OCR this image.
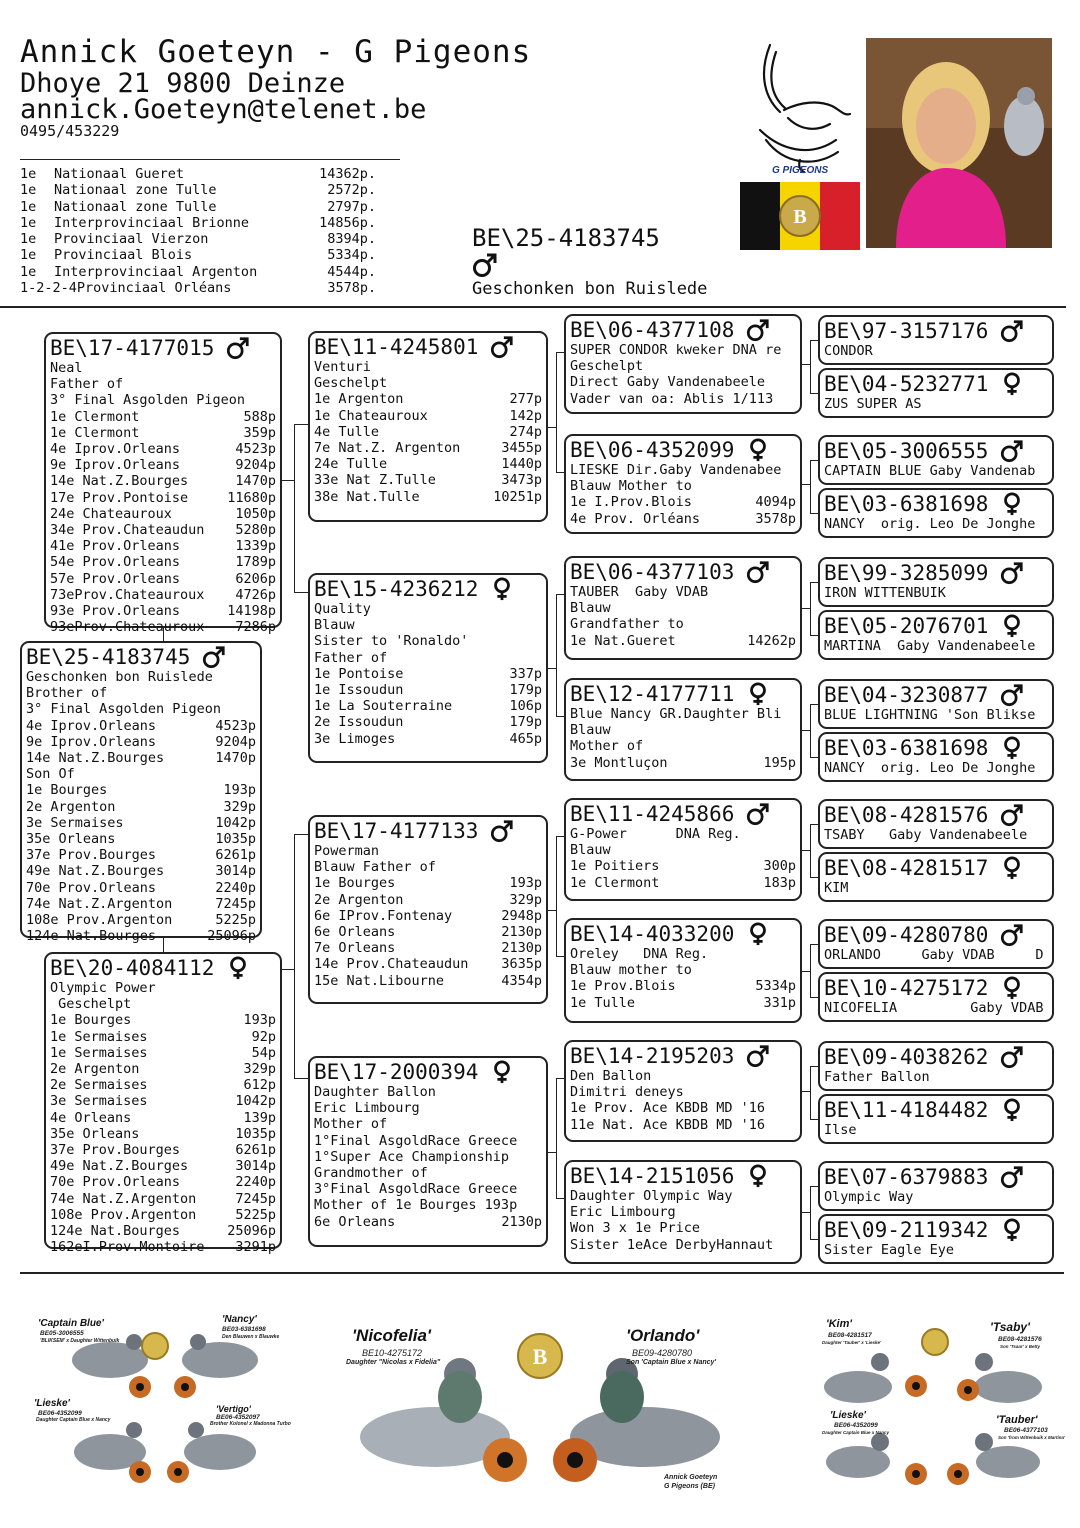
Annick Goeteyn - G Pigeons
Dhoye 21 9800 Deinze
annick.Goeteyn@telenet.be
0495/453229
1e	Nationaal Gueret	14362p.
1e	Nationaal zone Tulle	2572p.
1e	Nationaal zone Tulle	2797p.
1e	Interprovinciaal Brionne	14856p.
1e	Provinciaal Vierzon	8394p.
1e	Provinciaal Blois	5334p.
1e	Interprovinciaal Argenton	4544p.
1-2-2-4 Provinciaal Orléans	3578p.
BE\25-4183745
Geschonken bon Ruislede
G PIGEONS
B
BE\17-4177015
Neal
Father of
3° Final Asgolden Pigeon
1e Clermont	588p
1e Clermont	359p
4e Iprov.Orleans	4523p
9e Iprov.Orleans	9204p
14e Nat.Z.Bourges	1470p
17e Prov.Pontoise	11680p
24e Chateauroux	1050p
34e Prov.Chateaudun	5280p
41e Prov.Orleans	1339p
54e Prov.Orleans	1789p
57e Prov.Orleans	6206p
73eProv.Chateauroux	4726p
93e Prov.Orleans	14198p
93eProv.Chateauroux	7286p
BE\25-4183745
Geschonken bon Ruislede
Brother of
3° Final Asgolden Pigeon
4e Iprov.Orleans	4523p
9e Iprov.Orleans	9204p
14e Nat.Z.Bourges	1470p
Son Of
1e Bourges	193p
2e Argenton	329p
3e Sermaises	1042p
35e Orleans	1035p
37e Prov.Bourges	6261p
49e Nat.Z.Bourges	3014p
70e Prov.Orleans	2240p
74e Nat.Z.Argenton	7245p
108e Prov.Argenton	5225p
124e Nat.Bourges	25096p
BE\20-4084112
Olympic Power
Geschelpt
1e Bourges	193p
1e Sermaises	92p
1e Sermaises	54p
2e Argenton	329p
2e Sermaises	612p
3e Sermaises	1042p
4e Orleans	139p
35e Orleans	1035p
37e Prov.Bourges	6261p
49e Nat.Z.Bourges	3014p
70e Prov.Orleans	2240p
74e Nat.Z.Argenton	7245p
108e Prov.Argenton	5225p
124e Nat.Bourges	25096p
162eI.Prov.Montoire	3291p
BE\11-4245801
Venturi
Geschelpt
1e Argenton	277p
1e Chateauroux	142p
4e Tulle	274p
7e Nat.Z. Argenton	3455p
24e Tulle	1440p
33e Nat Z.Tulle	3473p
38e Nat.Tulle	10251p
BE\15-4236212
Quality
Blauw
Sister to 'Ronaldo'
Father of
1e Pontoise	337p
1e Issoudun	179p
1e La Souterraine	106p
2e Issoudun	179p
3e Limoges	465p
BE\17-4177133
Powerman
Blauw Father of
1e Bourges	193p
2e Argenton	329p
6e IProv.Fontenay	2948p
6e Orleans	2130p
7e Orleans	2130p
14e Prov.Chateaudun	3635p
15e Nat.Libourne	4354p
BE\17-2000394
Daughter Ballon
Eric Limbourg
Mother of
1°Final AsgoldRace Greece
1°Super Ace Championship
Grandmother of
3°Final AsgoldRace Greece
Mother of 1e Bourges 193p
6e Orleans	2130p
BE\06-4377108
SUPER CONDOR kweker DNA re
Geschelpt
Direct Gaby Vandenabeele
Vader van oa: Ablis 1/113
BE\06-4352099
LIESKE Dir.Gaby Vandenabee
Blauw Mother to
1e I.Prov.Blois	4094p
4e Prov. Orléans	3578p
BE\06-4377103
TAUBER  Gaby VDAB
Blauw
Grandfather to
1e Nat.Gueret	14262p
BE\12-4177711
Blue Nancy GR.Daughter Bli
Blauw
Mother of
3e Montluçon	195p
BE\11-4245866
G-Power      DNA Reg.
Blauw
1e Poitiers	300p
1e Clermont	183p
BE\14-4033200
Oreley   DNA Reg.
Blauw mother to
1e Prov.Blois	5334p
1e Tulle	331p
BE\14-2195203
Den Ballon
Dimitri deneys
1e Prov. Ace KBDB MD '16
11e Nat. Ace KBDB MD '16
BE\14-2151056
Daughter Olympic Way
Eric Limbourg
Won 3 x 1e Price
Sister 1eAce DerbyHannaut
BE\97-3157176
CONDOR
BE\04-5232771
ZUS SUPER AS
BE\05-3006555
CAPTAIN BLUE Gaby Vandenab
BE\03-6381698
NANCY  orig. Leo De Jonghe
BE\99-3285099
IRON WITTENBUIK
BE\05-2076701
MARTINA  Gaby Vandenabeele
BE\04-3230877
BLUE LIGHTNING 'Son Blikse
BE\03-6381698
NANCY  orig. Leo De Jonghe
BE\08-4281576
TSABY   Gaby Vandenabeele
BE\08-4281517
KIM
BE\09-4280780
ORLANDO     Gaby VDAB     D
BE\10-4275172
NICOFELIA         Gaby VDAB
BE\09-4038262
Father Ballon
BE\11-4184482
Ilse
BE\07-6379883
Olympic Way
BE\09-2119342
Sister Eagle Eye
'Captain Blue'
BE05-3006555
'BLIKSEM' x Daughter Wittenbuik
'Nancy'
BE03-6381698
Den Blauwen x Blauwke
'Lieske'
BE06-4352099
Daughter Captain Blue x Nancy
'Vertigo'
BE06-4352097
Brother Kolonel x Madonna Turbo
B
'Nicofelia'
BE10-4275172
Daughter "Nicolas x Fidelia"
'Orlando'
BE09-4280780
Son 'Captain Blue x Nancy'
Annick Goeteyn
G Pigeons (BE)
'Kim'
BE08-4281517
Daughter 'Tauber' x 'Lieske'
'Tsaby'
BE08-4281576
Son 'Tsaar' x Betty
'Lieske'
BE06-4352099
Daughter Captain Blue x Nancy
'Tauber'
BE06-4377103
Son 'from Wittenbuik x Martina'
